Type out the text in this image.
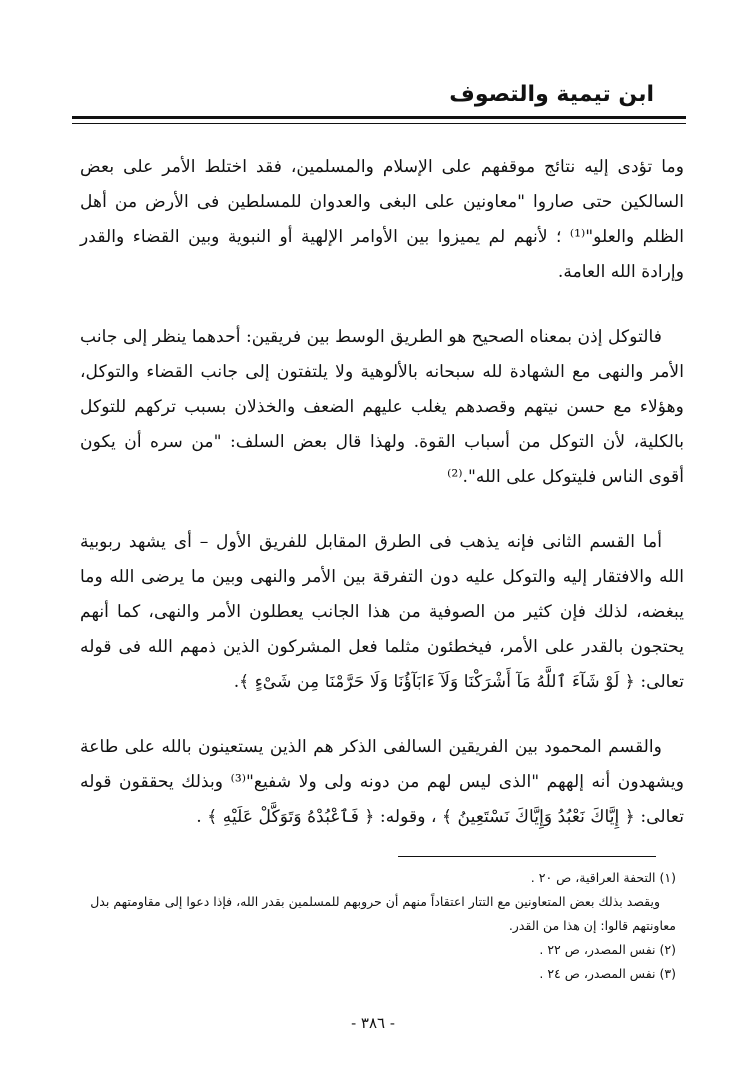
ابن تيمية والتصوف

وما تؤدى إليه نتائج موقفهم على الإسلام والمسلمين، فقد اختلط الأمر على بعض السالكين حتى صاروا "معاونين على البغى والعدوان للمسلطين فى الأرض من أهل الظلم والعلو"⁽¹⁾ ؛ لأنهم لم يميزوا بين الأوامر الإلهية أو النبوية وبين القضاء والقدر وإرادة الله العامة.

فالتوكل إذن بمعناه الصحيح هو الطريق الوسط بين فريقين: أحدهما ينظر إلى جانب الأمر والنهى مع الشهادة لله سبحانه بالألوهية ولا يلتفتون إلى جانب القضاء والتوكل، وهؤلاء مع حسن نيتهم وقصدهم يغلب عليهم الضعف والخذلان بسبب تركهم للتوكل بالكلية، لأن التوكل من أسباب القوة. ولهذا قال بعض السلف: "من سره أن يكون أقوى الناس فليتوكل على الله".⁽²⁾

أما القسم الثانى فإنه يذهب فى الطرق المقابل للفريق الأول – أى يشهد ربوبية الله والافتقار إليه والتوكل عليه دون التفرقة بين الأمر والنهى وبين ما يرضى الله وما يبغضه، لذلك فإن كثير من الصوفية من هذا الجانب يعطلون الأمر والنهى، كما أنهم يحتجون بالقدر على الأمر، فيخطئون مثلما فعل المشركون الذين ذمهم الله فى قوله تعالى: ﴿ لَوْ شَآءَ ٱللَّهُ مَآ أَشْرَكْنَا وَلَآ ءَابَآؤُنَا وَلَا حَرَّمْنَا مِن شَىْءٍ ﴾.

والقسم المحمود بين الفريقين السالفى الذكر هم الذين يستعينون بالله على طاعة ويشهدون أنه إلههم "الذى ليس لهم من دونه ولى ولا شفيع"⁽³⁾ وبذلك يحققون قوله تعالى: ﴿ إِيَّاكَ نَعْبُدُ وَإِيَّاكَ نَسْتَعِينُ ﴾ ، وقوله: ﴿ فَٱعْبُدْهُ وَتَوَكَّلْ عَلَيْهِ ﴾ .

(١) التحفة العراقية، ص ٢٠ .

ويقصد بذلك بعض المتعاونين مع التتار اعتقاداً منهم أن حروبهم للمسلمين بقدر الله، فإذا دعوا إلى مقاومتهم بدل معاونتهم قالوا: إن هذا من القدر.

(٢) نفس المصدر، ص ٢٢ .

(٣) نفس المصدر، ص ٢٤ .

- ٣٨٦ -
